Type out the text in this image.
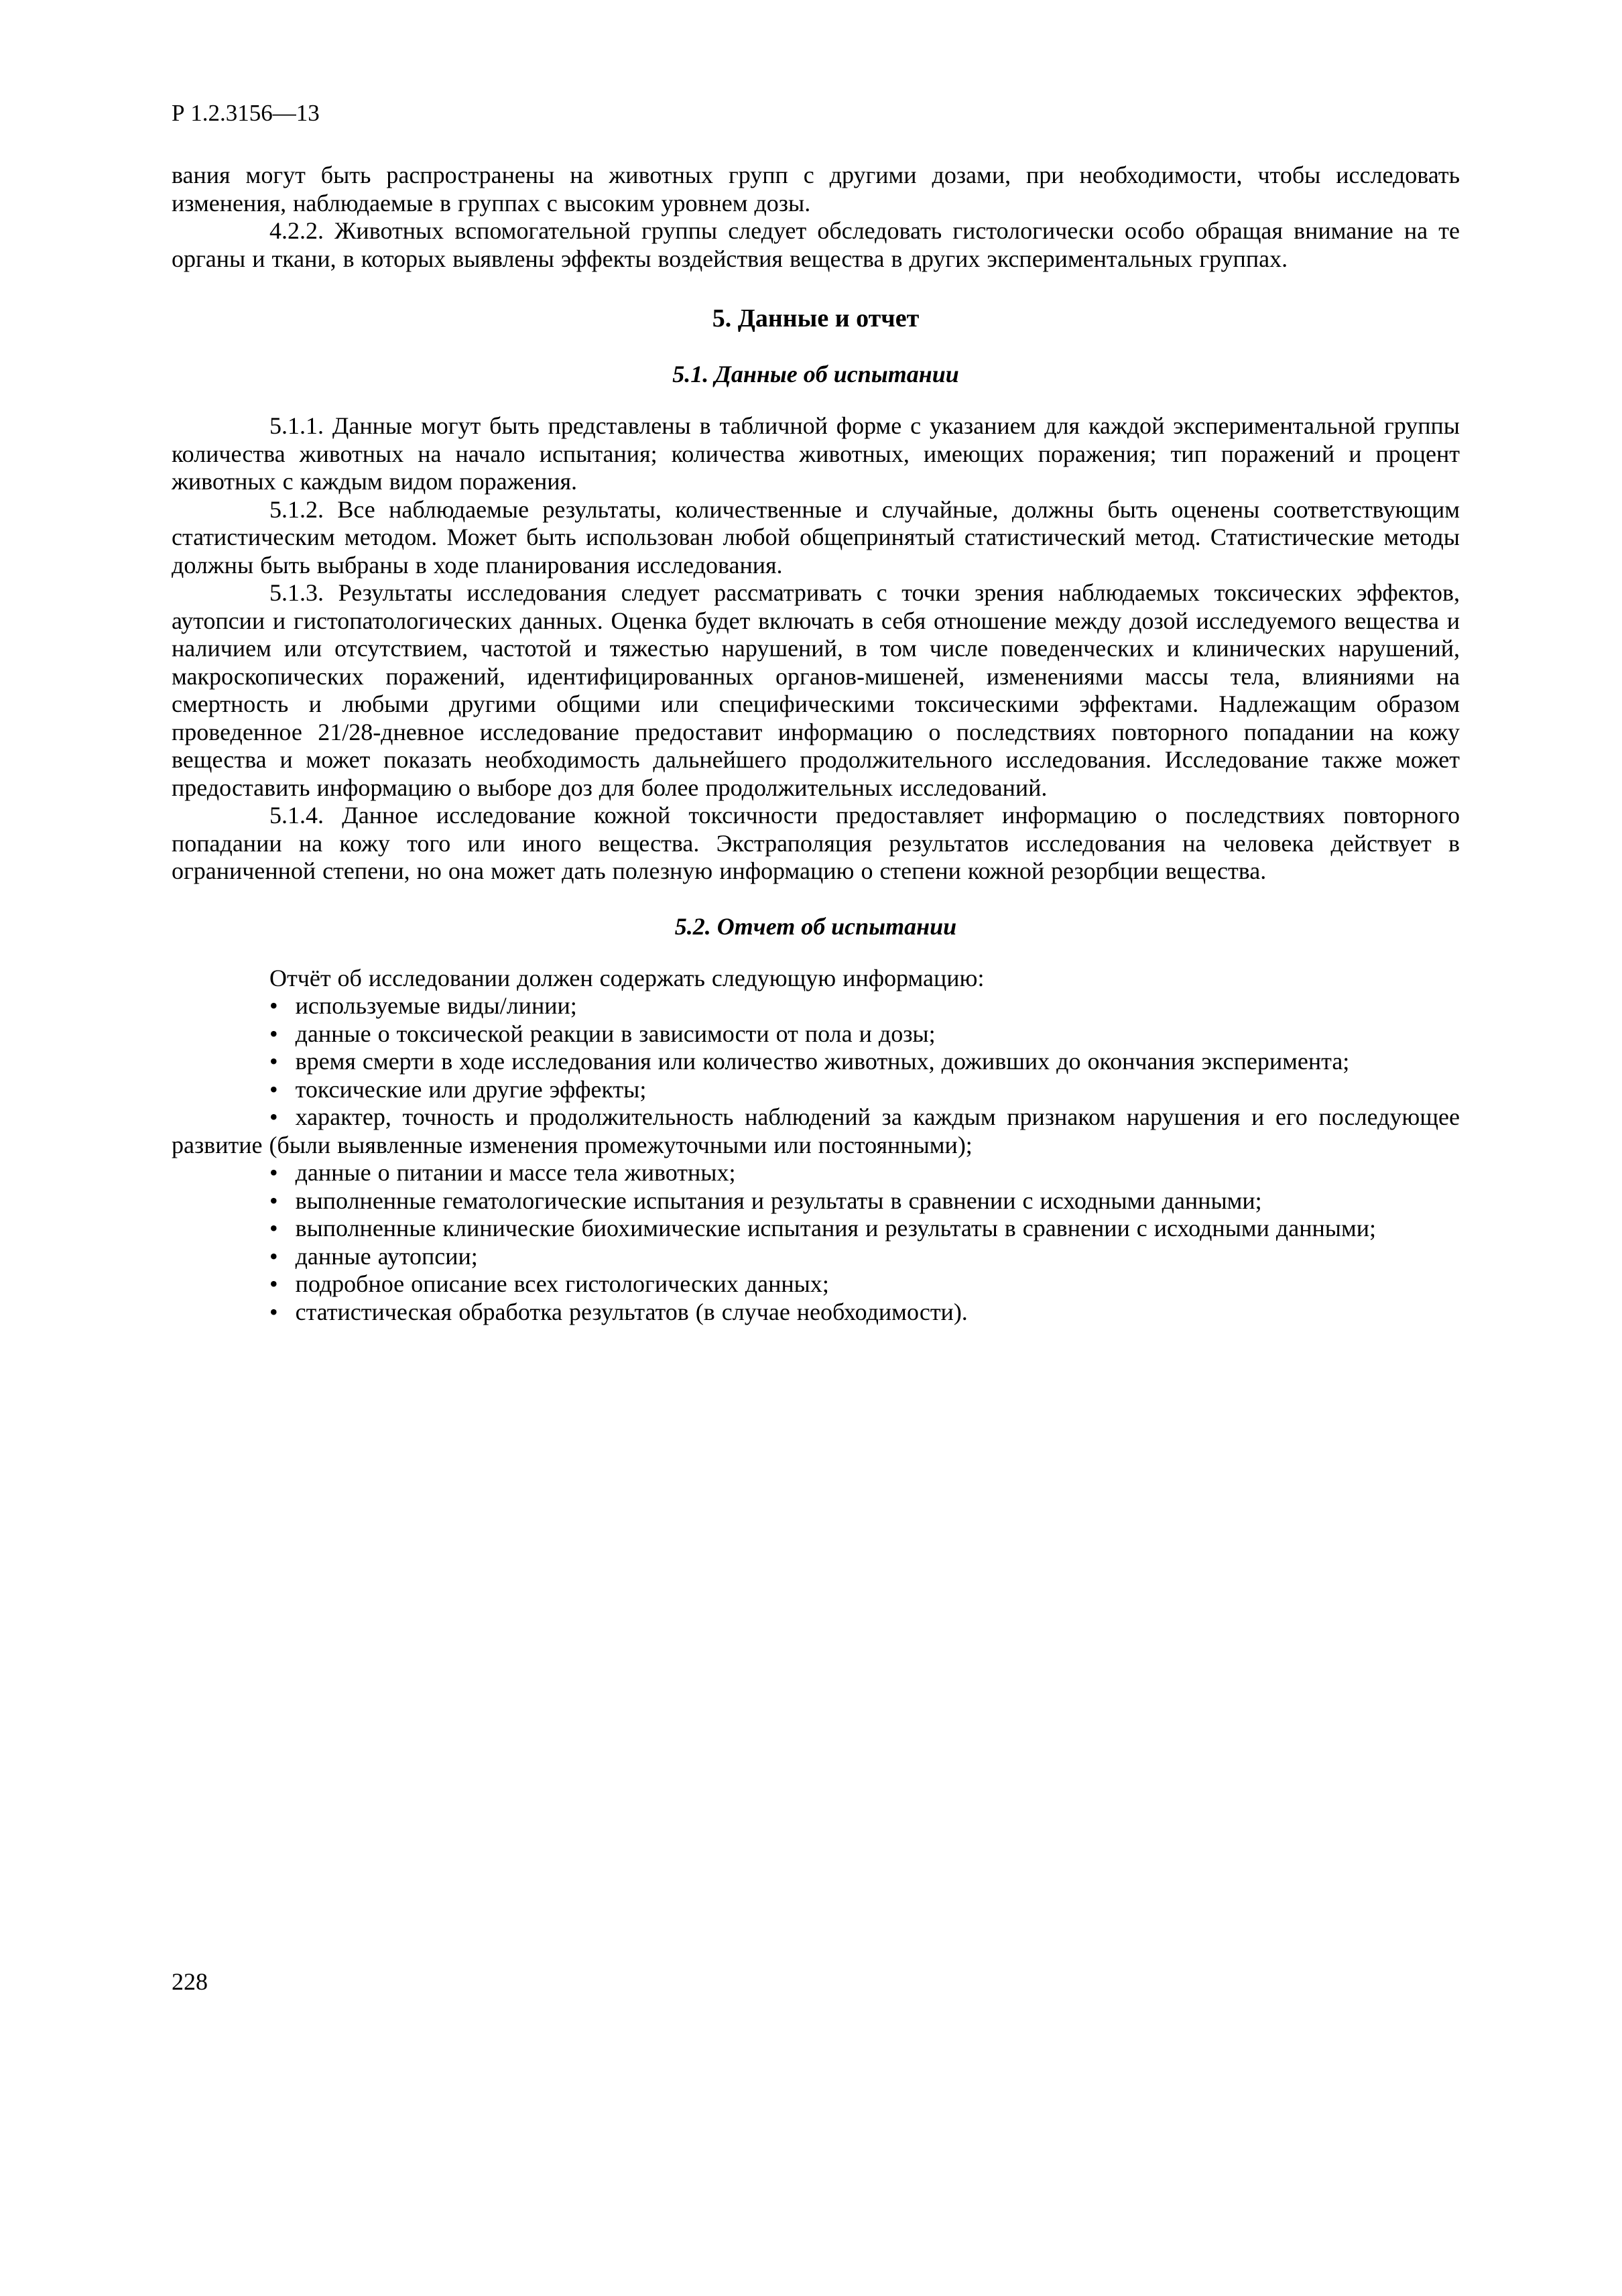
Р 1.2.3156—13

вания могут быть распространены на животных групп с другими дозами, при необходимости, чтобы исследовать изменения, наблюдаемые в группах с высоким уровнем дозы.

4.2.2. Животных вспомогательной группы следует обследовать гистологически особо обращая внимание на те органы и ткани, в которых выявлены эффекты воздействия вещества в других экспериментальных группах.

5. Данные и отчет
5.1. Данные об испытании

5.1.1. Данные могут быть представлены в табличной форме с указанием для каждой экспериментальной группы количества животных на начало испытания; количества животных, имеющих поражения; тип поражений и процент животных с каждым видом поражения.

5.1.2. Все наблюдаемые результаты, количественные и случайные, должны быть оценены соответствующим статистическим методом. Может быть использован любой общепринятый статистический метод. Статистические методы должны быть выбраны в ходе планирования исследования.

5.1.3. Результаты исследования следует рассматривать с точки зрения наблюдаемых токсических эффектов, аутопсии и гистопатологических данных. Оценка будет включать в себя отношение между дозой исследуемого вещества и наличием или отсутствием, частотой и тяжестью нарушений, в том числе поведенческих и клинических нарушений, макроскопических поражений, идентифицированных органов-мишеней, изменениями массы тела, влияниями на смертность и любыми другими общими или специфическими токсическими эффектами. Надлежащим образом проведенное 21/28-дневное исследование предоставит информацию о последствиях повторного попадании на кожу вещества и может показать необходимость дальнейшего продолжительного исследования. Исследование также может предоставить информацию о выборе доз для более продолжительных исследований.

5.1.4. Данное исследование кожной токсичности предоставляет информацию о последствиях повторного попадании на кожу того или иного вещества. Экстраполяция результатов исследования на человека действует в ограниченной степени, но она может дать полезную информацию о степени кожной резорбции вещества.

5.2. Отчет об испытании

Отчёт об исследовании должен содержать следующую информацию:

• используемые виды/линии;

• данные о токсической реакции в зависимости от пола и дозы;

• время смерти в ходе исследования или количество животных, доживших до окончания эксперимента;

• токсические или другие эффекты;

• характер, точность и продолжительность наблюдений за каждым признаком нарушения и его последующее развитие (были выявленные изменения промежуточными или постоянными);

• данные о питании и массе тела животных;

• выполненные гематологические испытания и результаты в сравнении с исходными данными;

• выполненные клинические биохимические испытания и результаты в сравнении с исходными данными;

• данные аутопсии;

• подробное описание всех гистологических данных;

• статистическая обработка результатов (в случае необходимости).

228
